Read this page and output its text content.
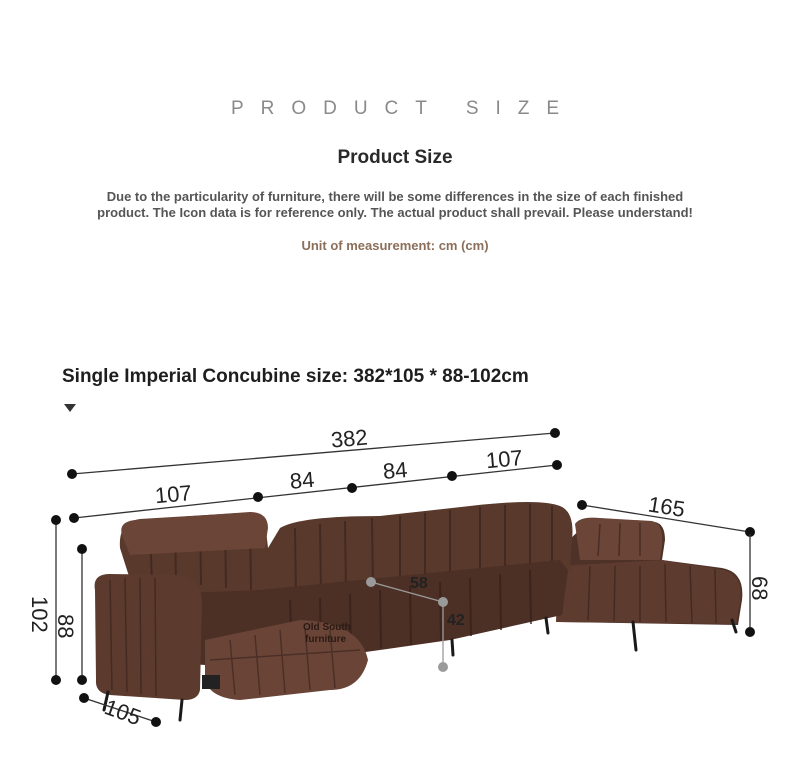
PRODUCT SIZE
Product Size
Due to the particularity of furniture, there will be some differences in the size of each finished
product. The Icon data is for reference only. The actual product shall prevail. Please understand!
Unit of measurement: cm (cm)
Single Imperial Concubine size: 382*105 * 88-102cm
Old South
furniture
382
107	84	84	107
165
68
102 88
105
58
42
